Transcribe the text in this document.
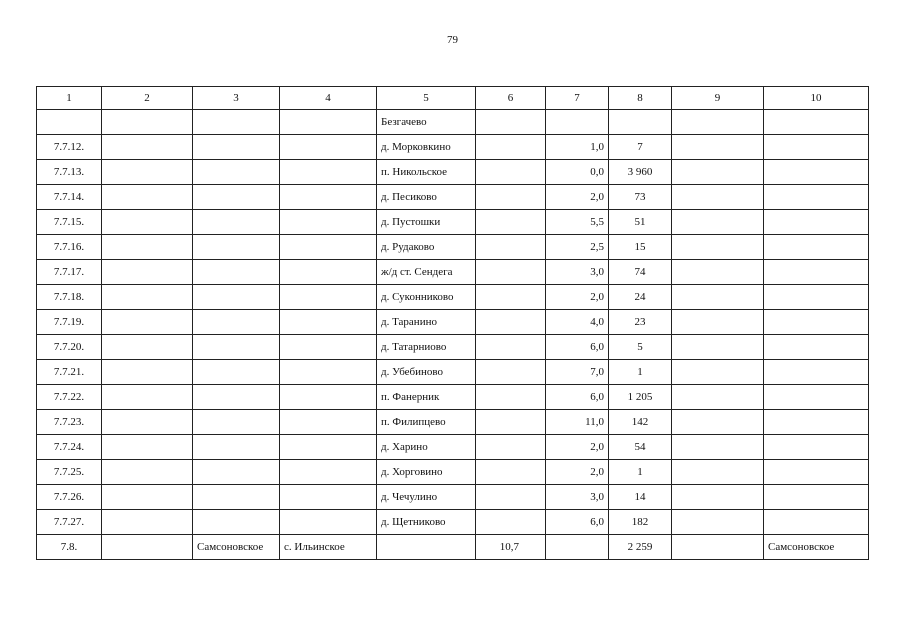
79
1	2	3	4	5	6	7	8	9	10
				Безгачево					
7.7.12.				д. Морковкино		1,0	7		
7.7.13.				п. Никольское		0,0	3 960		
7.7.14.				д. Песиково		2,0	73		
7.7.15.				д. Пустошки		5,5	51		
7.7.16.				д. Рудаково		2,5	15		
7.7.17.				ж/д ст. Сендега		3,0	74		
7.7.18.				д. Суконниково		2,0	24		
7.7.19.				д. Таранино		4,0	23		
7.7.20.				д. Татарниово		6,0	5		
7.7.21.				д. Убебиново		7,0	1		
7.7.22.				п. Фанерник		6,0	1 205		
7.7.23.				п. Филипцево		11,0	142		
7.7.24.				д. Харино		2,0	54		
7.7.25.				д. Хорговино		2,0	1		
7.7.26.				д. Чечулино		3,0	14		
7.7.27.				д. Щетниково		6,0	182		
7.8.		Самсоновское	с. Ильинское		10,7		2 259		Самсоновское
